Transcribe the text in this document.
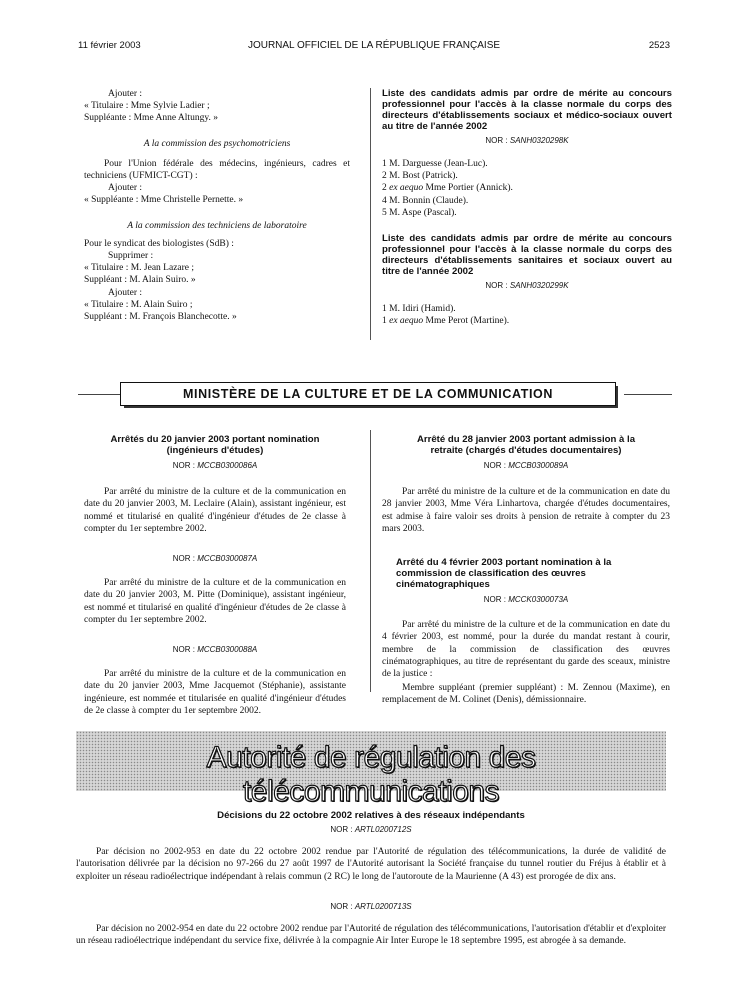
11 février 2003	JOURNAL OFFICIEL DE LA RÉPUBLIQUE FRANÇAISE	2523
Ajouter :
« Titulaire : Mme Sylvie Ladier ;
Suppléante : Mme Anne Altungy. »
A la commission des psychomotriciens
Pour l'Union fédérale des médecins, ingénieurs, cadres et techniciens (UFMICT-CGT) :
Ajouter :
« Suppléante : Mme Christelle Pernette. »
A la commission des techniciens de laboratoire
Pour le syndicat des biologistes (SdB) :
Supprimer :
« Titulaire : M. Jean Lazare ;
Suppléant : M. Alain Suiro. »
Ajouter :
« Titulaire : M. Alain Suiro ;
Suppléant : M. François Blanchecotte. »
Liste des candidats admis par ordre de mérite au concours professionnel pour l'accès à la classe normale du corps des directeurs d'établissements sociaux et médico-sociaux ouvert au titre de l'année 2002
NOR : SANH0320298K
1 M. Darguesse (Jean-Luc).
2 M. Bost (Patrick).
2 ex aequo Mme Portier (Annick).
4 M. Bonnin (Claude).
5 M. Aspe (Pascal).
Liste des candidats admis par ordre de mérite au concours professionnel pour l'accès à la classe normale du corps des directeurs d'établissements sanitaires et sociaux ouvert au titre de l'année 2002
NOR : SANH0320299K
1 M. Idiri (Hamid).
1 ex aequo Mme Perot (Martine).
MINISTÈRE DE LA CULTURE ET DE LA COMMUNICATION
Arrêtés du 20 janvier 2003 portant nomination (ingénieurs d'études)
NOR : MCCB0300086A
Par arrêté du ministre de la culture et de la communication en date du 20 janvier 2003, M. Leclaire (Alain), assistant ingénieur, est nommé et titularisé en qualité d'ingénieur d'études de 2e classe à compter du 1er septembre 2002.
NOR : MCCB0300087A
Par arrêté du ministre de la culture et de la communication en date du 20 janvier 2003, M. Pitte (Dominique), assistant ingénieur, est nommé et titularisé en qualité d'ingénieur d'études de 2e classe à compter du 1er septembre 2002.
NOR : MCCB0300088A
Par arrêté du ministre de la culture et de la communication en date du 20 janvier 2003, Mme Jacquemot (Stéphanie), assistante ingénieure, est nommée et titularisée en qualité d'ingénieur d'études de 2e classe à compter du 1er septembre 2002.
Arrêté du 28 janvier 2003 portant admission à la retraite (chargés d'études documentaires)
NOR : MCCB0300089A
Par arrêté du ministre de la culture et de la communication en date du 28 janvier 2003, Mme Véra Linhartova, chargée d'études documentaires, est admise à faire valoir ses droits à pension de retraite à compter du 23 mars 2003.
Arrêté du 4 février 2003 portant nomination à la commission de classification des œuvres cinématographiques
NOR : MCCK0300073A
Par arrêté du ministre de la culture et de la communication en date du 4 février 2003, est nommé, pour la durée du mandat restant à courir, membre de la commission de classification des œuvres cinématographiques, au titre de représentant du garde des sceaux, ministre de la justice :
Membre suppléant (premier suppléant) : M. Zennou (Maxime), en remplacement de M. Colinet (Denis), démissionnaire.
Autorité de régulation des télécommunications
Décisions du 22 octobre 2002 relatives à des réseaux indépendants
NOR : ARTL0200712S
Par décision no 2002-953 en date du 22 octobre 2002 rendue par l'Autorité de régulation des télécommunications, la durée de validité de l'autorisation délivrée par la décision no 97-266 du 27 août 1997 de l'Autorité autorisant la Société française du tunnel routier du Fréjus à établir et à exploiter un réseau radioélectrique indépendant à relais commun (2 RC) le long de l'autoroute de la Maurienne (A 43) est prorogée de dix ans.
NOR : ARTL0200713S
Par décision no 2002-954 en date du 22 octobre 2002 rendue par l'Autorité de régulation des télécommunications, l'autorisation d'établir et d'exploiter un réseau radioélectrique indépendant du service fixe, délivrée à la compagnie Air Inter Europe le 18 septembre 1995, est abrogée à sa demande.
